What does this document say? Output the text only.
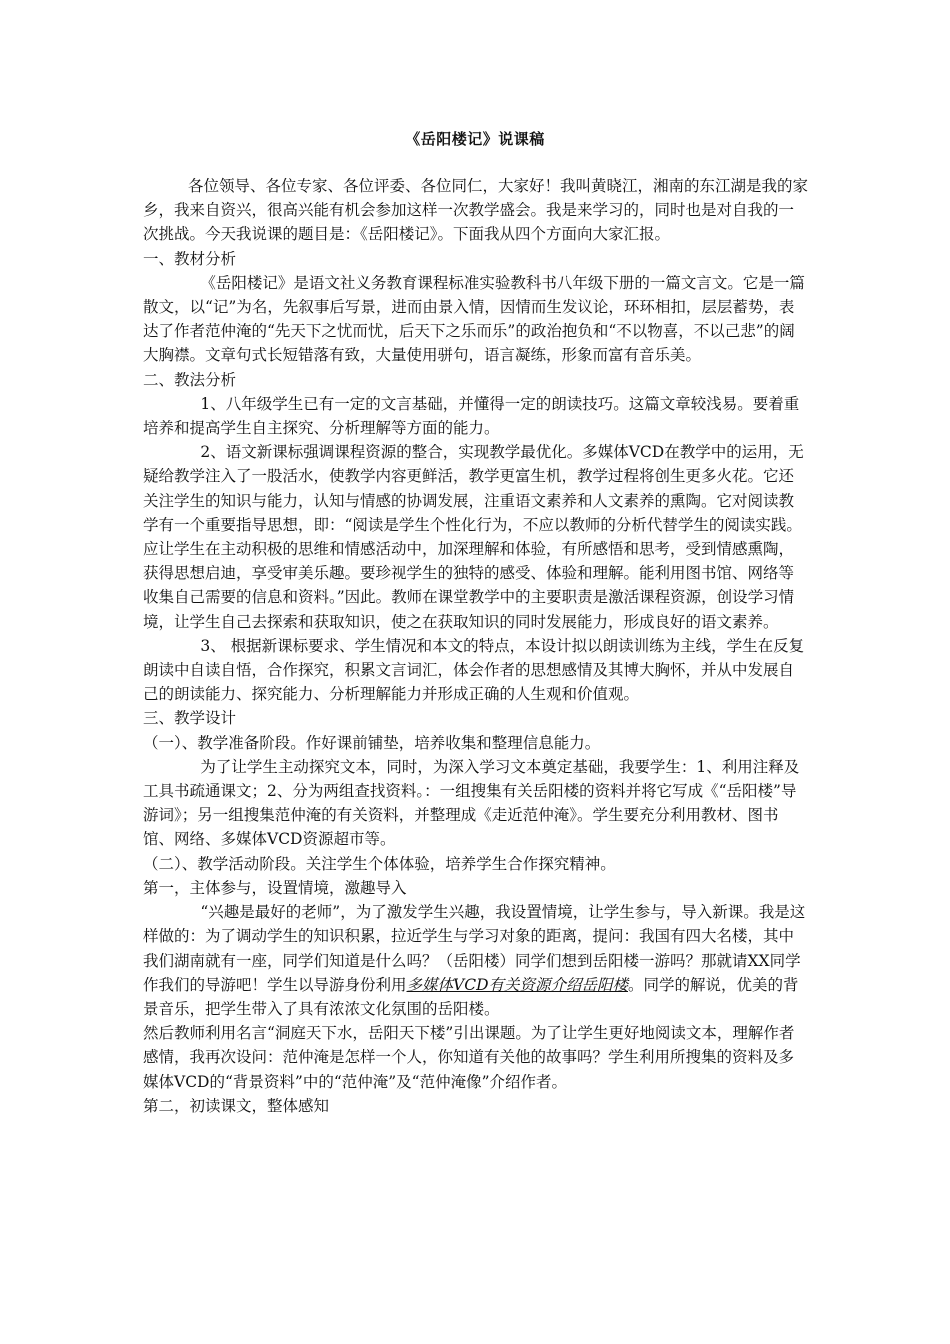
《岳阳楼记》说课稿

各位领导、各位专家、各位评委、各位同仁，大家好！我叫黄晓江，湘南的东江湖是我的家乡，我来自资兴，很高兴能有机会参加这样一次教学盛会。我是来学习的，同时也是对自我的一次挑战。今天我说课的题目是：《岳阳楼记》。下面我从四个方面向大家汇报。

一、教材分析

《岳阳楼记》是语文社义务教育课程标准实验教科书八年级下册的一篇文言文。它是一篇散文，以“记”为名，先叙事后写景，进而由景入情，因情而生发议论，环环相扣，层层蓄势，表达了作者范仲淹的“先天下之忧而忧，后天下之乐而乐”的政治抱负和“不以物喜，不以己悲”的阔大胸襟。文章句式长短错落有致，大量使用骈句，语言凝练，形象而富有音乐美。

二、教法分析

1、八年级学生已有一定的文言基础，并懂得一定的朗读技巧。这篇文章较浅易。要着重培养和提高学生自主探究、分析理解等方面的能力。

2、语文新课标强调课程资源的整合，实现教学最优化。多媒体VCD在教学中的运用，无疑给教学注入了一股活水，使教学内容更鲜活，教学更富生机，教学过程将创生更多火花。它还关注学生的知识与能力，认知与情感的协调发展，注重语文素养和人文素养的熏陶。它对阅读教学有一个重要指导思想，即：“阅读是学生个性化行为，不应以教师的分析代替学生的阅读实践。应让学生在主动积极的思维和情感活动中，加深理解和体验，有所感悟和思考，受到情感熏陶，获得思想启迪，享受审美乐趣。要珍视学生的独特的感受、体验和理解。能利用图书馆、网络等收集自己需要的信息和资料。”因此。教师在课堂教学中的主要职责是激活课程资源，创设学习情境，让学生自己去探索和获取知识，使之在获取知识的同时发展能力，形成良好的语文素养。

3、 根据新课标要求、学生情况和本文的特点，本设计拟以朗读训练为主线，学生在反复朗读中自读自悟，合作探究，积累文言词汇，体会作者的思想感情及其博大胸怀，并从中发展自己的朗读能力、探究能力、分析理解能力并形成正确的人生观和价值观。

三、教学设计

（一）、教学准备阶段。作好课前铺垫，培养收集和整理信息能力。

为了让学生主动探究文本，同时，为深入学习文本奠定基础，我要学生：1、利用注释及工具书疏通课文；2、分为两组查找资料。：一组搜集有关岳阳楼的资料并将它写成《“岳阳楼”导游词》；另一组搜集范仲淹的有关资料，并整理成《走近范仲淹》。学生要充分利用教材、图书馆、网络、多媒体VCD资源超市等。

（二）、教学活动阶段。关注学生个体体验，培养学生合作探究精神。

第一，主体参与，设置情境，激趣导入

“兴趣是最好的老师”，为了激发学生兴趣，我设置情境，让学生参与，导入新课。我是这样做的：为了调动学生的知识积累，拉近学生与学习对象的距离，提问：我国有四大名楼，其中我们湖南就有一座，同学们知道是什么吗？（岳阳楼）同学们想到岳阳楼一游吗？那就请XX同学作我们的导游吧！学生以导游身份利用多媒体VCD有关资源介绍岳阳楼。同学的解说，优美的背景音乐，把学生带入了具有浓浓文化氛围的岳阳楼。

然后教师利用名言“洞庭天下水，岳阳天下楼”引出课题。为了让学生更好地阅读文本，理解作者感情，我再次设问：范仲淹是怎样一个人，你知道有关他的故事吗？学生利用所搜集的资料及多媒体VCD的“背景资料”中的“范仲淹”及“范仲淹像”介绍作者。

第二，初读课文，整体感知
